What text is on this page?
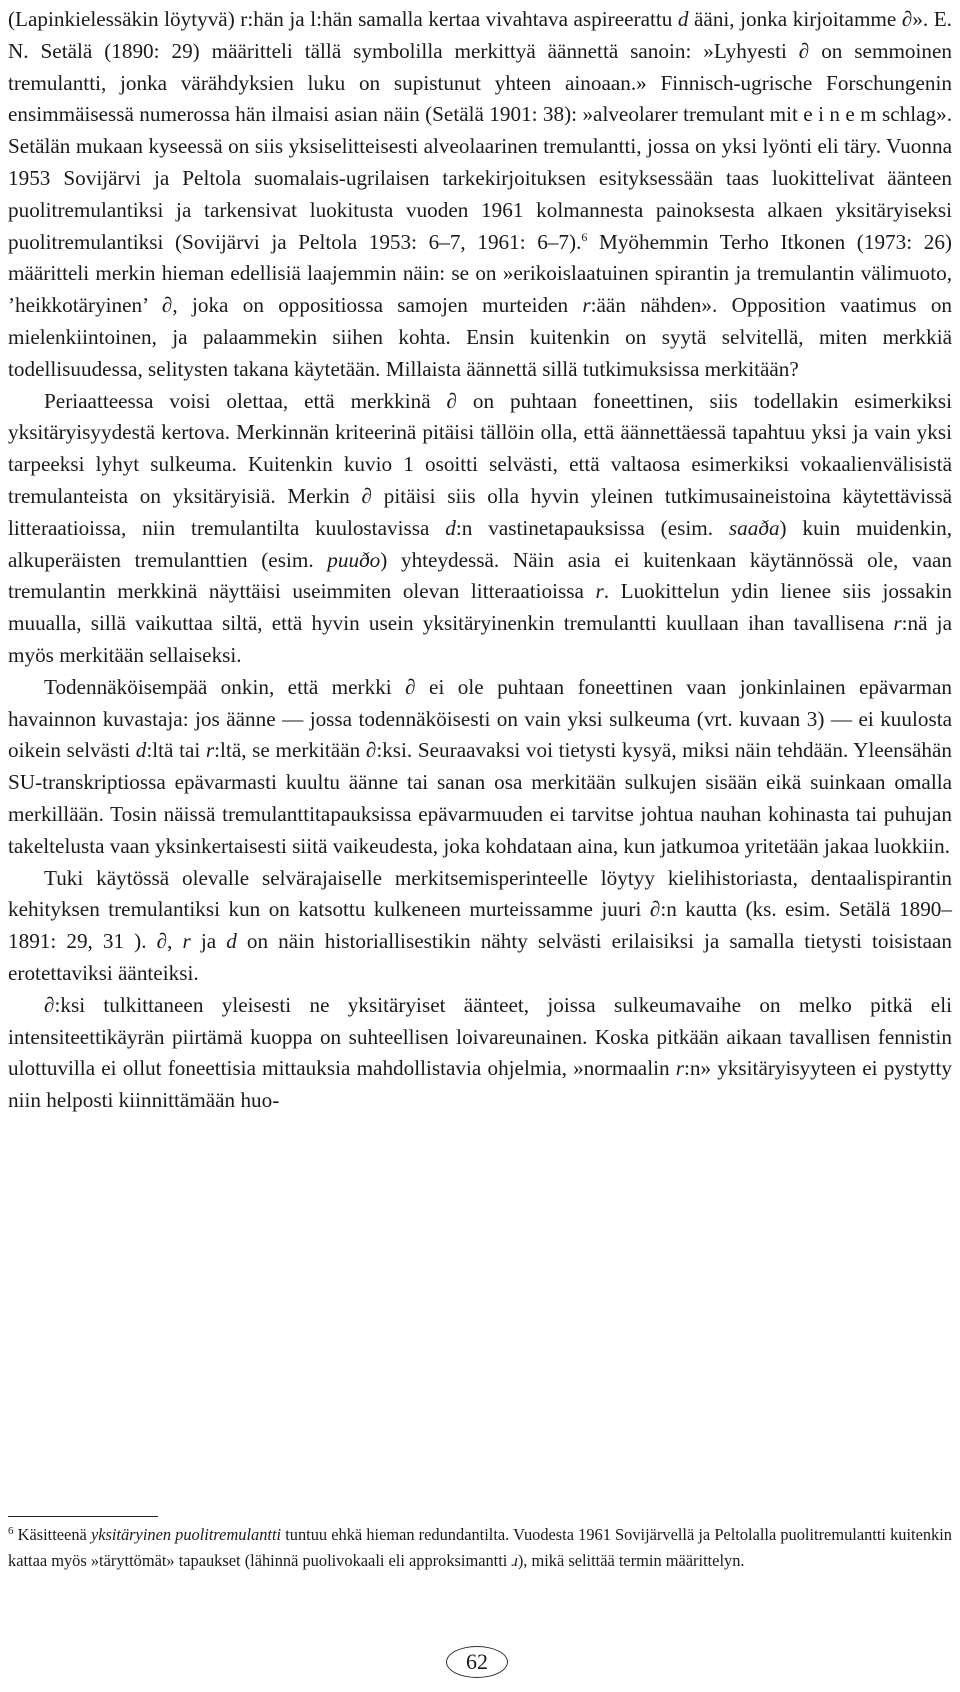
(Lapinkielessäkin löytyvä) r:hän ja l:hän samalla kertaa vivahtava aspireerattu d ääni, jonka kirjoitamme ∂». E. N. Setälä (1890: 29) määritteli tällä symbolilla merkittyä äännettä sanoin: »Lyhyesti ∂ on semmoinen tremulantti, jonka värähdyksien luku on supistunut yhteen ainoaan.» Finnisch-ugrische Forschungenin ensimmäisessä numerossa hän ilmaisi asian näin (Setälä 1901: 38): »alveolarer tremulant mit e i n e m schlag». Setälän mukaan kyseessä on siis yksiselitteisesti alveolaarinen tremulantti, jossa on yksi lyönti eli täry. Vuonna 1953 Sovijärvi ja Peltola suomalais-ugrilaisen tarkekirjoituksen esityksessään taas luokittelivat äänteen puolitremulantiksi ja tarkensivat luokitusta vuoden 1961 kolmannesta painoksesta alkaen yksitäryiseksi puolitremulantiksi (Sovijärvi ja Peltola 1953: 6–7, 1961: 6–7).$^6$ Myöhemmin Terho Itkonen (1973: 26) määritteli merkin hieman edellisiä laajemmin näin: se on »erikoislaatuinen spirantin ja tremulantin välimuoto, ’heikkotäryinen’ ∂, joka on oppositiossa samojen murteiden r:ään nähden». Opposition vaatimus on mielenkiintoinen, ja palaammekin siihen kohta. Ensin kuitenkin on syytä selvitellä, miten merkkiä todellisuudessa, selitysten takana käytetään. Millaista äännettä sillä tutkimuksissa merkitään?

Periaatteessa voisi olettaa, että merkkinä ∂ on puhtaan foneettinen, siis todellakin esimerkiksi yksitäryisyydestä kertova. Merkinnän kriteerinä pitäisi tällöin olla, että äännettäessä tapahtuu yksi ja vain yksi tarpeeksi lyhyt sulkeuma. Kuitenkin kuvio 1 osoitti selvästi, että valtaosa esimerkiksi vokaalienvälisistä tremulanteista on yksitäryisiä. Merkin ∂ pitäisi siis olla hyvin yleinen tutkimusaineistoina käytettävissä litteraatioissa, niin tremulantilta kuulostavissa d:n vastinetapauksissa (esim. saaða) kuin muidenkin, alkuperäisten tremulanttien (esim. puuðo) yhteydessä. Näin asia ei kuitenkaan käytännössä ole, vaan tremulantin merkkinä näyttäisi useimmiten olevan litteraatioissa r. Luokittelun ydin lienee siis jossakin muualla, sillä vaikuttaa siltä, että hyvin usein yksitäryinenkin tremulantti kuullaan ihan tavallisena r:nä ja myös merkitään sellaiseksi.

Todennäköisempää onkin, että merkki ∂ ei ole puhtaan foneettinen vaan jonkinlainen epävarman havainnon kuvastaja: jos äänne — jossa todennäköisesti on vain yksi sulkeuma (vrt. kuvaan 3) — ei kuulosta oikein selvästi d:ltä tai r:ltä, se merkitään ∂:ksi. Seuraavaksi voi tietysti kysyä, miksi näin tehdään. Yleensähän SU-transkriptiossa epävarmasti kuultu äänne tai sanan osa merkitään sulkujen sisään eikä suinkaan omalla merkillään. Tosin näissä tremulanttitapauksissa epävarmuuden ei tarvitse johtua nauhan kohinasta tai puhujan takeltelusta vaan yksinkertaisesti siitä vaikeudesta, joka kohdataan aina, kun jatkumoa yritetään jakaa luokkiin.

Tuki käytössä olevalle selvärajaiselle merkitsemisperinteelle löytyy kielihistoriasta, dentaalispirantin kehityksen tremulantiksi kun on katsottu kulkeneen murteissamme juuri ∂:n kautta (ks. esim. Setälä 1890–1891: 29, 31 ). ∂, r ja d on näin historiallisestikin nähty selvästi erilaisiksi ja samalla tietysti toisistaan erotettaviksi äänteiksi.

∂:ksi tulkittaneen yleisesti ne yksitäryiset äänteet, joissa sulkeumavaihe on melko pitkä eli intensiteettikäyrän piirtämä kuoppa on suhteellisen loivareunainen. Koska pitkään aikaan tavallisen fennistin ulottuvilla ei ollut foneettisia mittauksia mahdollistavia ohjelmia, »normaalin r:n» yksitäryisyyteen ei pystytty niin helposti kiinnittämään huo-

$^6$ Käsitteenä yksitäryinen puolitremulantti tuntuu ehkä hieman redundantilta. Vuodesta 1961 Sovijärvellä ja Peltolalla puolitremulantti kuitenkin kattaa myös »täryttömät» tapaukset (lähinnä puolivokaali eli approksimantti ɹ), mikä selittää termin määrittelyn.

62
